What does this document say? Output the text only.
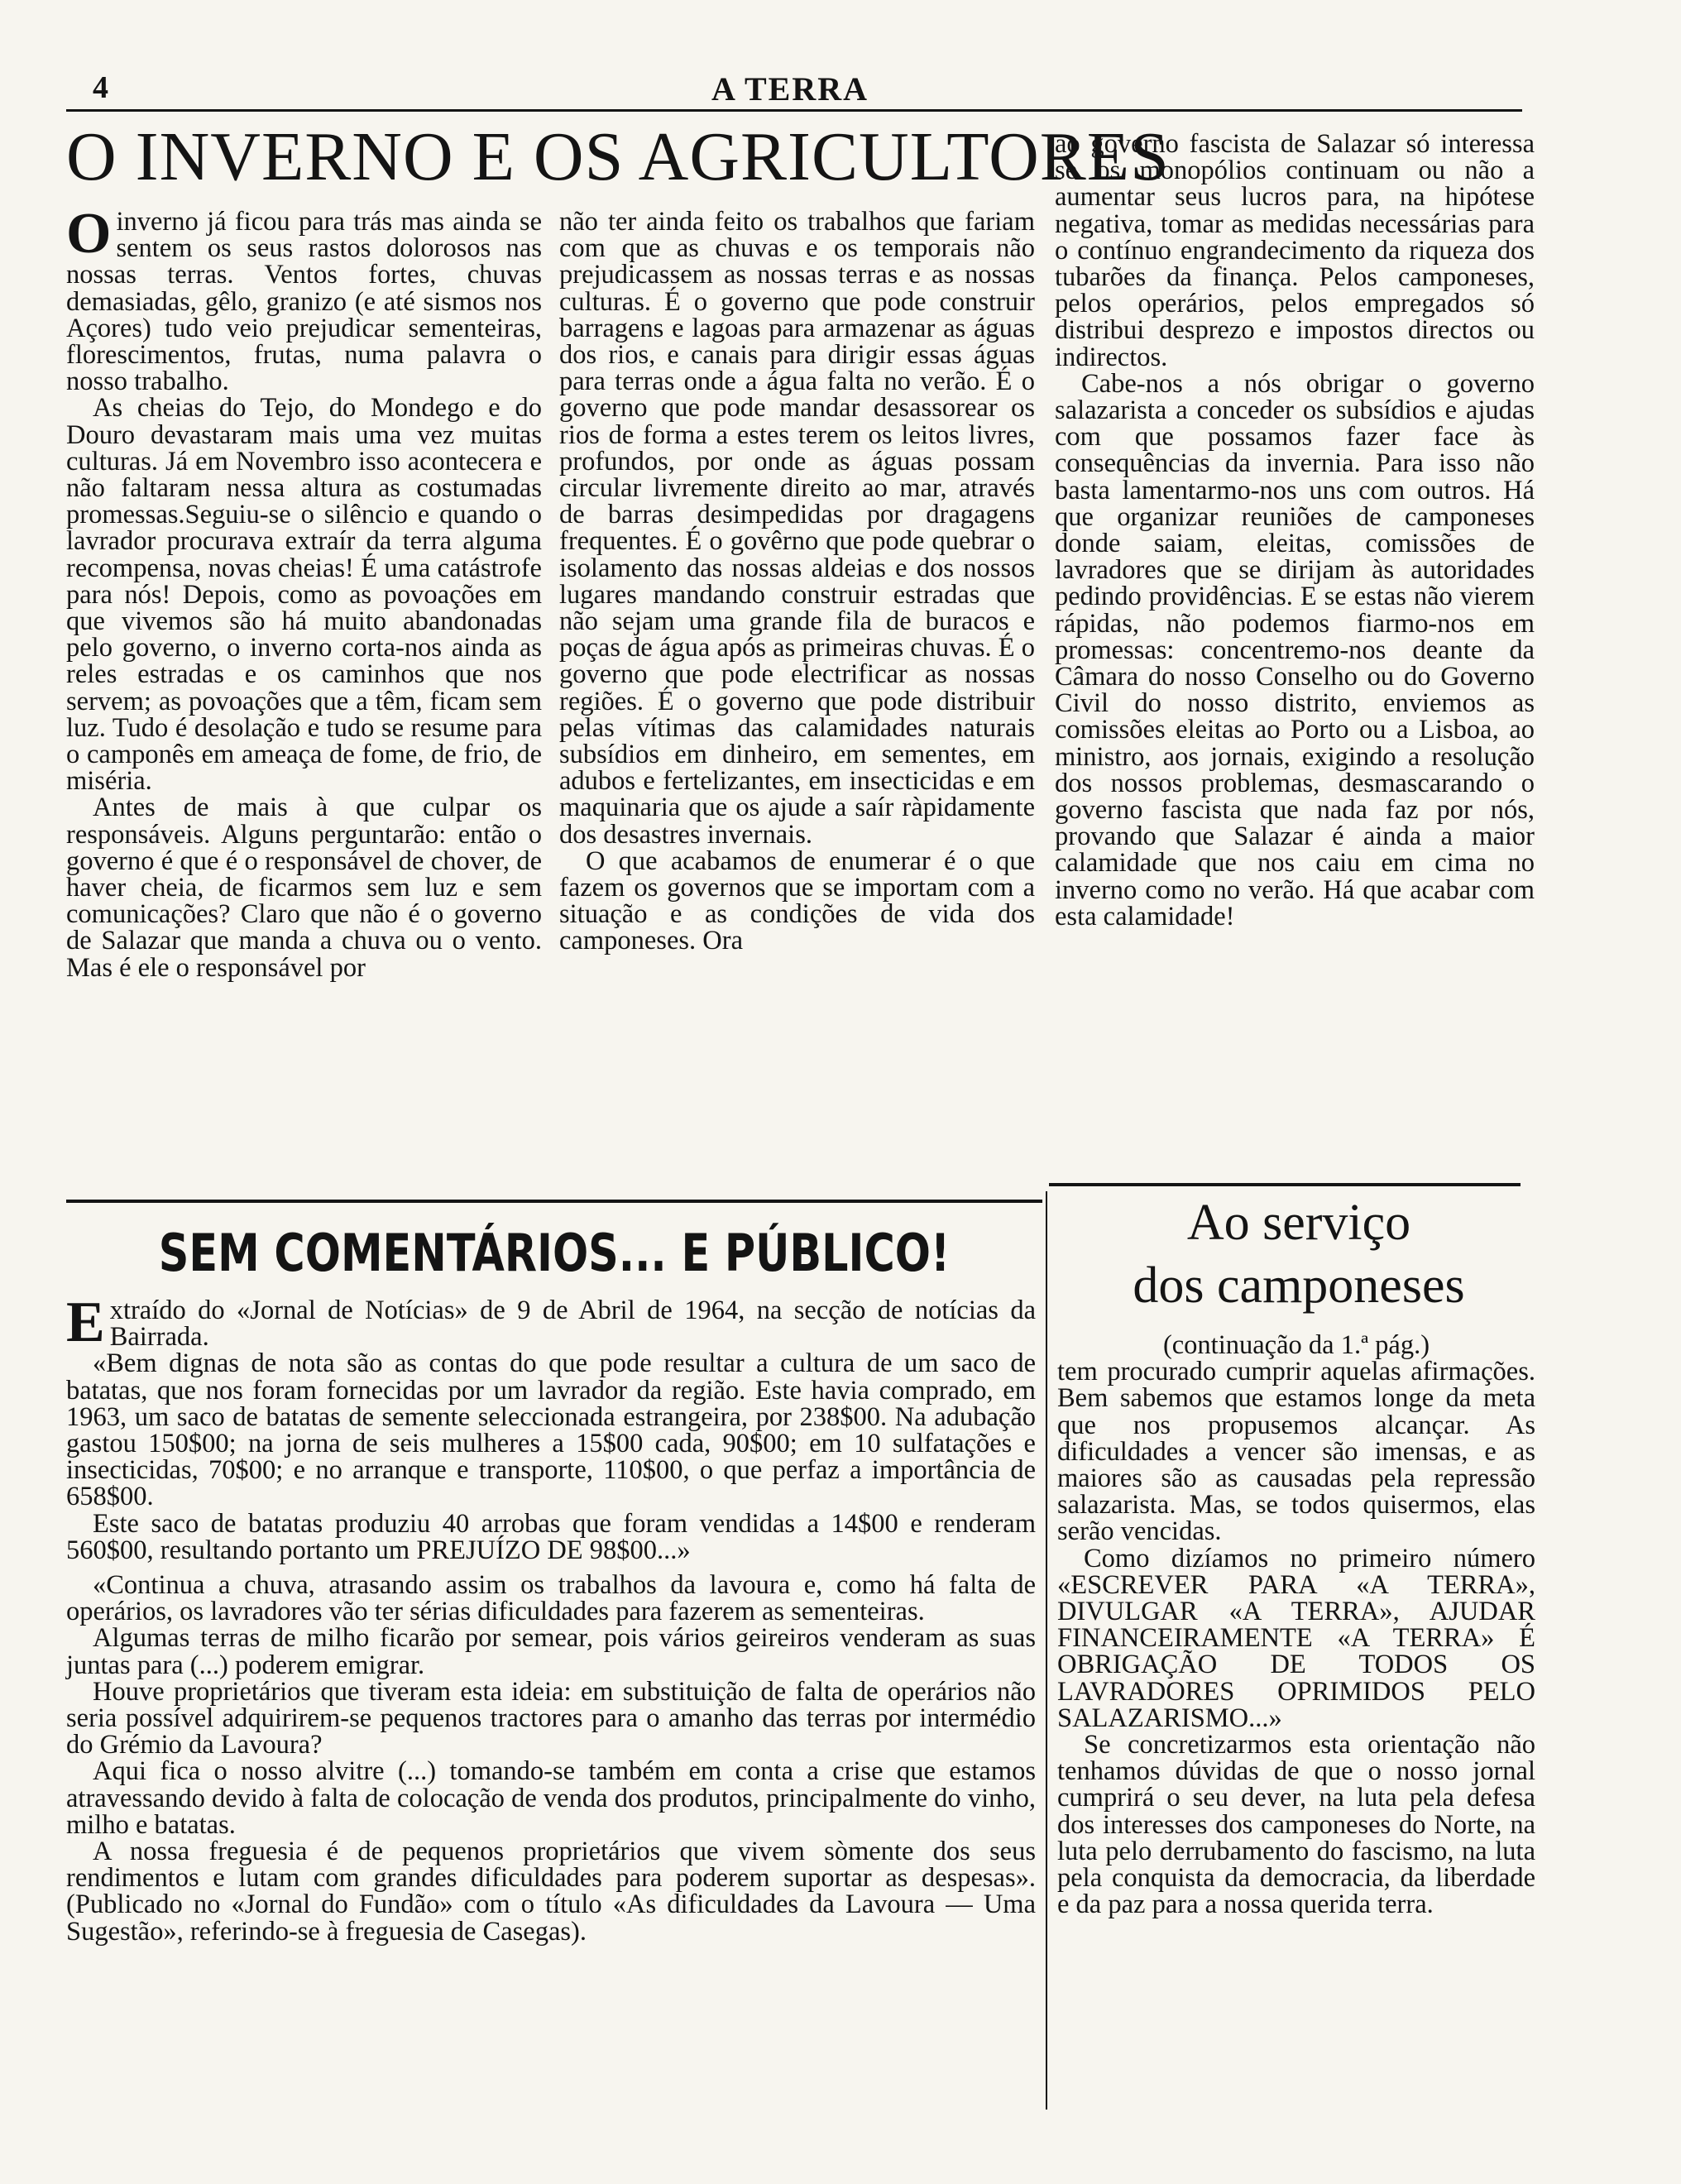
4	A TERRA
O INVERNO E OS AGRICULTORES

Oinverno já ficou para trás mas ainda se sentem os seus rastos dolorosos nas nossas terras. Ventos fortes, chuvas demasiadas, gêlo, granizo (e até sismos nos Açores) tudo veio prejudicar sementeiras, florescimentos, frutas, numa palavra o nosso trabalho.

As cheias do Tejo, do Mondego e do Douro devastaram mais uma vez muitas culturas. Já em Novembro isso acontecera e não faltaram nessa altura as costumadas promessas.Seguiu-se o silêncio e quando o lavrador procurava extraír da terra alguma recompensa, novas cheias! É uma catástrofe para nós! Depois, como as povoações em que vivemos são há muito abandonadas pelo governo, o inverno corta-nos ainda as reles estradas e os caminhos que nos servem; as povoações que a têm, ficam sem luz. Tudo é desolação e tudo se resume para o camponês em ameaça de fome, de frio, de miséria.

Antes de mais à que culpar os responsáveis. Alguns perguntarão: então o governo é que é o responsável de chover, de haver cheia, de ficarmos sem luz e sem comunicações? Claro que não é o governo de Salazar que manda a chuva ou o vento. Mas é ele o responsável por

não ter ainda feito os trabalhos que fariam com que as chuvas e os temporais não prejudicassem as nossas terras e as nossas culturas. É o governo que pode construir barragens e lagoas para armazenar as águas dos rios, e canais para dirigir essas águas para terras onde a água falta no verão. É o governo que pode mandar desassorear os rios de forma a estes terem os leitos livres, profundos, por onde as águas possam circular livremente direito ao mar, através de barras desimpedidas por dragagens frequentes. É o govêrno que pode quebrar o isolamento das nossas aldeias e dos nossos lugares mandando construir estradas que não sejam uma grande fila de buracos e poças de água após as primeiras chuvas. É o governo que pode electrificar as nossas regiões. É o governo que pode distribuir pelas vítimas das calamidades naturais subsídios em dinheiro, em sementes, em adubos e fertelizantes, em insecticidas e em maquinaria que os ajude a saír ràpidamente dos desastres invernais.

O que acabamos de enumerar é o que fazem os governos que se importam com a situação e as condições de vida dos camponeses. Ora

ao governo fascista de Salazar só interessa se os monopólios continuam ou não a aumentar seus lucros para, na hipótese negativa, tomar as medidas necessárias para o contínuo engrandecimento da riqueza dos tubarões da finança. Pelos camponeses, pelos operários, pelos empregados só distribui desprezo e impostos directos ou indirectos.

Cabe-nos a nós obrigar o governo salazarista a conceder os subsídios e ajudas com que possamos fazer face às consequências da invernia. Para isso não basta lamentarmo-nos uns com outros. Há que organizar reuniões de camponeses donde saiam, eleitas, comissões de lavradores que se dirijam às autoridades pedindo providências. E se estas não vierem rápidas, não podemos fiarmo-nos em promessas: concentremo-nos deante da Câmara do nosso Conselho ou do Governo Civil do nosso distrito, enviemos as comissões eleitas ao Porto ou a Lisboa, ao ministro, aos jornais, exigindo a resolução dos nossos problemas, desmascarando o governo fascista que nada faz por nós, provando que Salazar é ainda a maior calamidade que nos caiu em cima no inverno como no verão. Há que acabar com esta calamidade!

SEM COMENTÁRIOS... E PÚBLICO!

Extraído do «Jornal de Notícias» de 9 de Abril de 1964, na secção de notícias da Bairrada.

«Bem dignas de nota são as contas do que pode resultar a cultura de um saco de batatas, que nos foram fornecidas por um lavrador da região. Este havia comprado, em 1963, um saco de batatas de semente seleccionada estrangeira, por 238$00. Na adubação gastou 150$00; na jorna de seis mulheres a 15$00 cada, 90$00; em 10 sulfatações e insecticidas, 70$00; e no arranque e transporte, 110$00, o que perfaz a importância de 658$00.

Este saco de batatas produziu 40 arrobas que foram vendidas a 14$00 e renderam 560$00, resultando portanto um PREJUÍZO DE 98$00...»

«Continua a chuva, atrasando assim os trabalhos da lavoura e, como há falta de operários, os lavradores vão ter sérias dificuldades para fazerem as sementeiras.

Algumas terras de milho ficarão por semear, pois vários geireiros venderam as suas juntas para (...) poderem emigrar.

Houve proprietários que tiveram esta ideia: em substituição de falta de operários não seria possível adquirirem-se pequenos tractores para o amanho das terras por intermédio do Grémio da Lavoura?

Aqui fica o nosso alvitre (...) tomando-se também em conta a crise que estamos atravessando devido à falta de colocação de venda dos produtos, principalmente do vinho, milho e batatas.

A nossa freguesia é de pequenos proprietários que vivem sòmente dos seus rendimentos e lutam com grandes dificuldades para poderem suportar as despesas». (Publicado no «Jornal do Fundão» com o título «As dificuldades da Lavoura — Uma Sugestão», referindo-se à freguesia de Casegas).

Ao serviço
dos camponeses

(continuação da 1.ª pág.)

tem procurado cumprir aquelas afirmações. Bem sabemos que estamos longe da meta que nos propusemos alcançar. As dificuldades a vencer são imensas, e as maiores são as causadas pela repressão salazarista. Mas, se todos quisermos, elas serão vencidas.

Como dizíamos no primeiro número «ESCREVER PARA «A TERRA», DIVULGAR «A TERRA», AJUDAR FINANCEIRAMENTE «A TERRA» É OBRIGAÇÃO DE TODOS OS LAVRADORES OPRIMIDOS PELO SALAZARISMO...»

Se concretizarmos esta orientação não tenhamos dúvidas de que o nosso jornal cumprirá o seu dever, na luta pela defesa dos interesses dos camponeses do Norte, na luta pelo derrubamento do fascismo, na luta pela conquista da democracia, da liberdade e da paz para a nossa querida terra.
